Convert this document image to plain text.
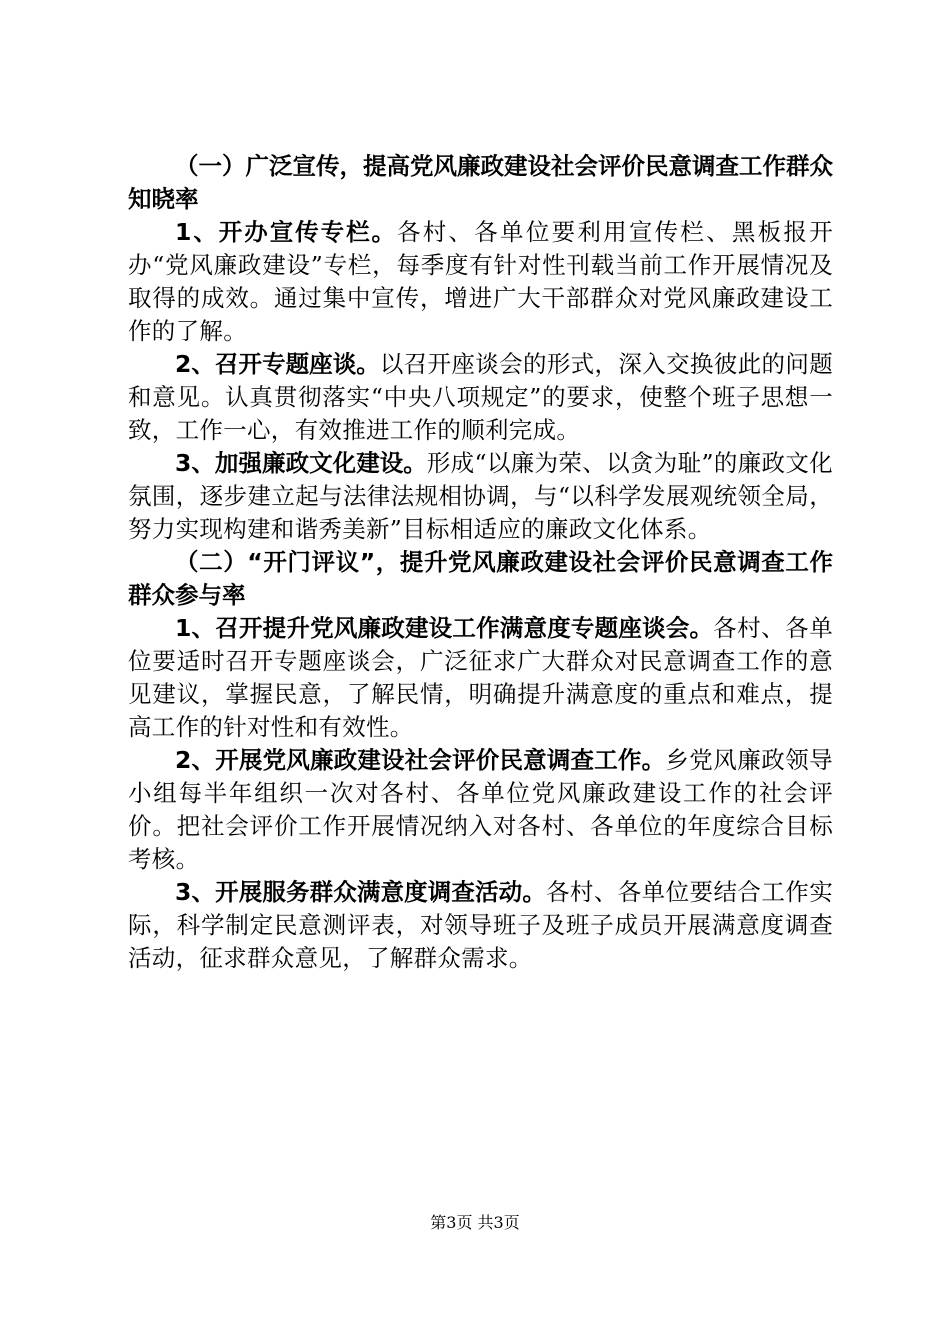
（一）广泛宣传，提高党风廉政建设社会评价民意调查工作群众知晓率

1、开办宣传专栏。各村、各单位要利用宣传栏、黑板报开办“党风廉政建设”专栏，每季度有针对性刊载当前工作开展情况及取得的成效。通过集中宣传，增进广大干部群众对党风廉政建设工作的了解。

2、召开专题座谈。以召开座谈会的形式，深入交换彼此的问题和意见。认真贯彻落实“中央八项规定”的要求，使整个班子思想一致，工作一心，有效推进工作的顺利完成。

3、加强廉政文化建设。形成“以廉为荣、以贪为耻”的廉政文化氛围，逐步建立起与法律法规相协调，与“以科学发展观统领全局，努力实现构建和谐秀美新”目标相适应的廉政文化体系。

（二）“开门评议”，提升党风廉政建设社会评价民意调查工作群众参与率

1、召开提升党风廉政建设工作满意度专题座谈会。各村、各单位要适时召开专题座谈会，广泛征求广大群众对民意调查工作的意见建议，掌握民意，了解民情，明确提升满意度的重点和难点，提高工作的针对性和有效性。

2、开展党风廉政建设社会评价民意调查工作。乡党风廉政领导小组每半年组织一次对各村、各单位党风廉政建设工作的社会评价。把社会评价工作开展情况纳入对各村、各单位的年度综合目标考核。

3、开展服务群众满意度调查活动。各村、各单位要结合工作实际，科学制定民意测评表，对领导班子及班子成员开展满意度调查活动，征求群众意见，了解群众需求。

第3页 共3页
